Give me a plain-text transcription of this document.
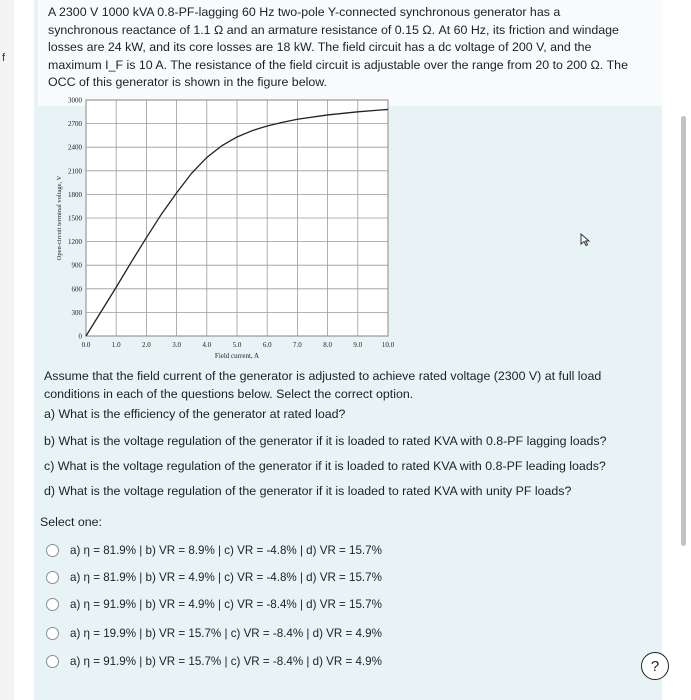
f
A 2300 V 1000 kVA 0.8-PF-lagging 60 Hz two-pole Y-connected synchronous generator has a
synchronous reactance of 1.1 Ω and an armature resistance of 0.15 Ω. At 60 Hz, its friction and windage
losses are 24 kW, and its core losses are 18 kW. The field circuit has a dc voltage of 200 V, and the
maximum I_F is 10 A. The resistance of the field circuit is adjustable over the range from 20 to 200 Ω. The
OCC of this generator is shown in the figure below.
0.0	1.0	2.0	3.0	4.0	5.0	6.0	7.0	8.0	9.0	10.0
0
300
600
900
1200
1500
1800
2100
2400
2700
3000
Field current, A
Open-circuit terminal voltage, V

Assume that the field current of the generator is adjusted to achieve rated voltage (2300 V) at full load

conditions in each of the questions below. Select the correct option.

a) What is the efficiency of the generator at rated load?
b) What is the voltage regulation of the generator if it is loaded to rated KVA with 0.8-PF lagging loads?
c) What is the voltage regulation of the generator if it is loaded to rated KVA with 0.8-PF leading loads?
d) What is the voltage regulation of the generator if it is loaded to rated KVA with unity PF loads?
Select one:
a) η = 81.9% | b) VR = 8.9% | c) VR = -4.8% | d) VR = 15.7%
a) η = 81.9% | b) VR = 4.9% | c) VR = -4.8% | d) VR = 15.7%
a) η = 91.9% | b) VR = 4.9% | c) VR = -8.4% | d) VR = 15.7%
a) η = 19.9% | b) VR = 15.7% | c) VR = -8.4% | d) VR = 4.9%
a) η = 91.9% | b) VR = 15.7% | c) VR = -8.4% | d) VR = 4.9%	?
